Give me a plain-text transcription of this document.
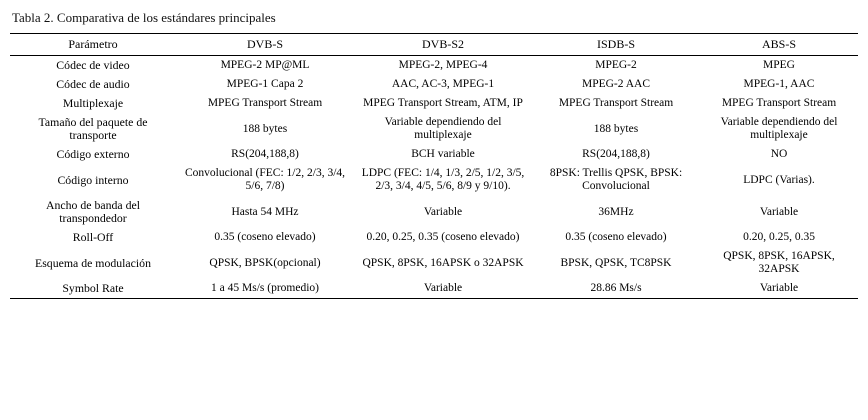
Tabla 2. Comparativa de los estándares principales
Parámetro	DVB-S	DVB-S2	ISDB-S	ABS-S
Códec de video	MPEG-2 MP@ML	MPEG-2, MPEG-4	MPEG-2	MPEG
Códec de audio	MPEG-1 Capa 2	AAC, AC-3, MPEG-1	MPEG-2 AAC	MPEG-1, AAC
Multiplexaje	MPEG Transport Stream	MPEG Transport Stream, ATM, IP	MPEG Transport Stream	MPEG Transport Stream
Tamaño del paquete de transporte	188 bytes	Variable dependiendo del multiplexaje	188 bytes	Variable dependiendo del multiplexaje
Código externo	RS(204,188,8)	BCH variable	RS(204,188,8)	NO
Código interno	Convolucional (FEC: 1/2, 2/3, 3/4, 5/6, 7/8)	LDPC (FEC: 1/4, 1/3, 2/5, 1/2, 3/5, 2/3, 3/4, 4/5, 5/6, 8/9 y 9/10).	8PSK: Trellis QPSK, BPSK: Convolucional	LDPC (Varias).
Ancho de banda del transpondedor	Hasta 54 MHz	Variable	36MHz	Variable
Roll-Off	0.35 (coseno elevado)	0.20, 0.25, 0.35 (coseno elevado)	0.35 (coseno elevado)	0.20, 0.25, 0.35
Esquema de modulación	QPSK, BPSK(opcional)	QPSK, 8PSK, 16APSK o 32APSK	BPSK, QPSK, TC8PSK	QPSK, 8PSK, 16APSK, 32APSK
Symbol Rate	1 a 45 Ms/s (promedio)	Variable	28.86 Ms/s	Variable
